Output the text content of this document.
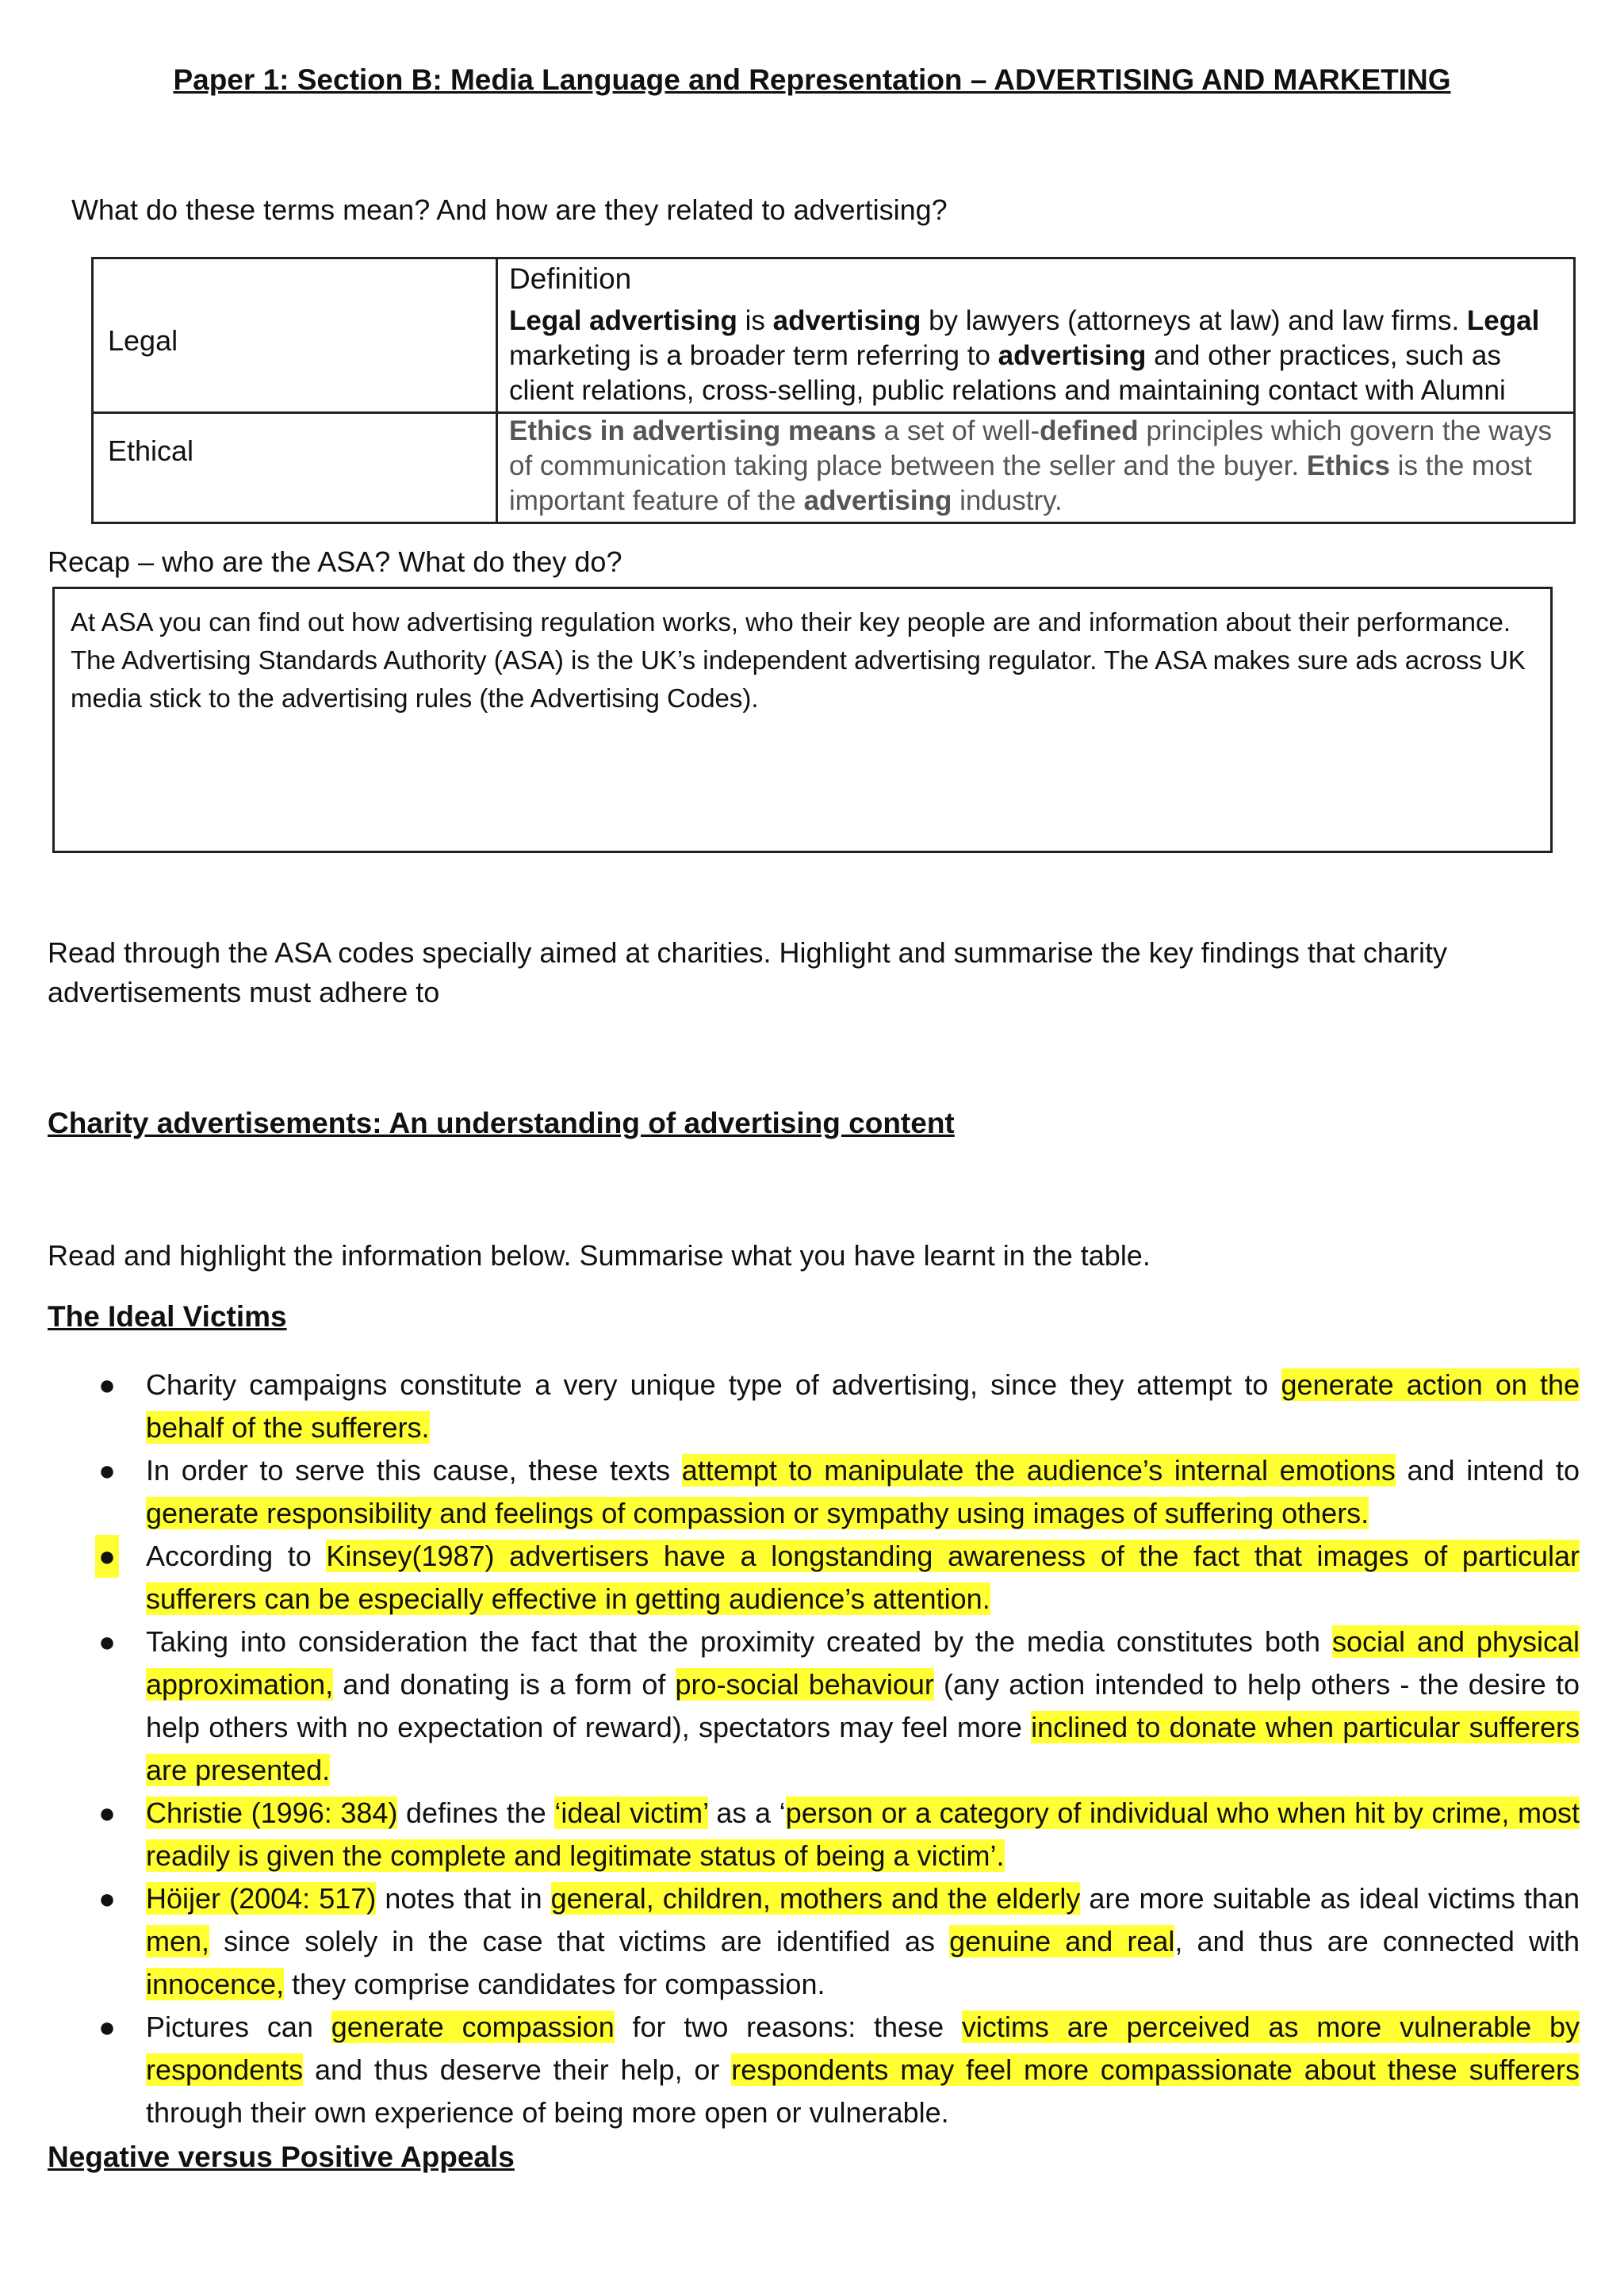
Paper 1: Section B: Media Language and Representation – ADVERTISING AND MARKETING
What do these terms mean? And how are they related to advertising?
	Definition
Legal	Legal advertising is advertising by lawyers (attorneys at law) and law firms. Legal marketing is a broader term referring to advertising and other practices, such as client relations, cross-selling, public relations and maintaining contact with Alumni
Ethical	Ethics in advertising means a set of well-defined principles which govern the ways of communication taking place between the seller and the buyer. Ethics is the most important feature of the advertising industry.
Recap – who are the ASA? What do they do?
At ASA you can find out how advertising regulation works, who their key people are and information about their performance. The Advertising Standards Authority (ASA) is the UK’s independent advertising regulator. The ASA makes sure ads across UK media stick to the advertising rules (the Advertising Codes).
Read through the ASA codes specially aimed at charities. Highlight and summarise the key findings that charity advertisements must adhere to
Charity advertisements: An understanding of advertising content
Read and highlight the information below. Summarise what you have learnt in the table.
The Ideal Victims
● Charity campaigns constitute a very unique type of advertising, since they attempt to generate action on the behalf of the sufferers.
● In order to serve this cause, these texts attempt to manipulate the audience’s internal emotions and intend to generate responsibility and feelings of compassion or sympathy using images of suffering others.
● According to Kinsey(1987) advertisers have a longstanding awareness of the fact that images of particular sufferers can be especially effective in getting audience’s attention.
● Taking into consideration the fact that the proximity created by the media constitutes both social and physical approximation, and donating is a form of pro-social behaviour (any action intended to help others - the desire to help others with no expectation of reward), spectators may feel more inclined to donate when particular sufferers are presented.
● Christie (1996: 384) defines the ‘ideal victim’ as a ‘person or a category of individual who when hit by crime, most readily is given the complete and legitimate status of being a victim’.
● Höijer (2004: 517) notes that in general, children, mothers and the elderly are more suitable as ideal victims than men, since solely in the case that victims are identified as genuine and real, and thus are connected with innocence, they comprise candidates for compassion.
● Pictures can generate compassion for two reasons: these victims are perceived as more vulnerable by respondents and thus deserve their help, or respondents may feel more compassionate about these sufferers through their own experience of being more open or vulnerable.
Negative versus Positive Appeals
